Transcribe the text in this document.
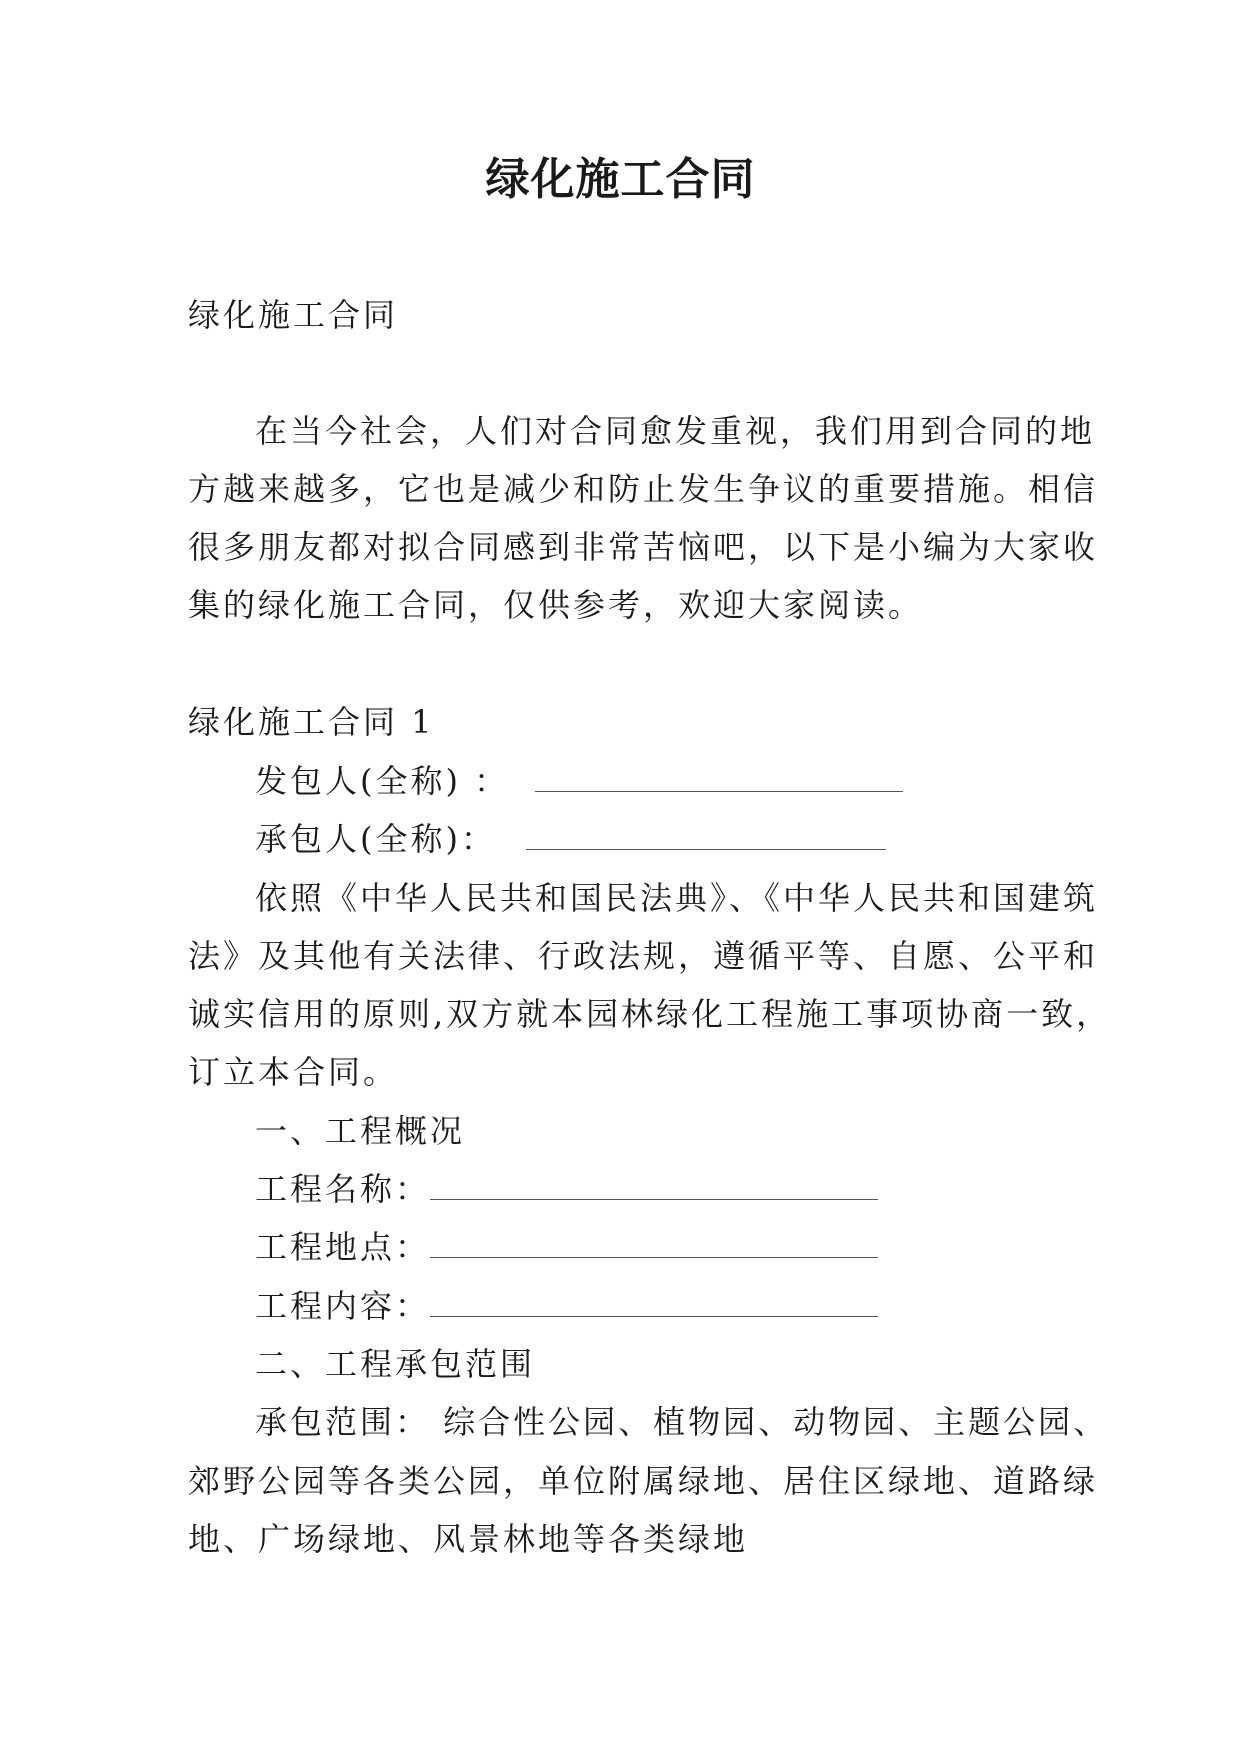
绿化施工合同
绿化施工合同
在当今社会，人们对合同愈发重视，我们用到合同的地
方越来越多，它也是减少和防止发生争议的重要措施。相信
很多朋友都对拟合同感到非常苦恼吧，以下是小编为大家收
集的绿化施工合同，仅供参考，欢迎大家阅读。
绿化施工合同 1
发包人(全称) ：
承包人(全称)：
依照《中华人民共和国民法典》、《中华人民共和国建筑
法》及其他有关法律、行政法规，遵循平等、自愿、公平和
诚实信用的原则,双方就本园林绿化工程施工事项协商一致，
订立本合同。
一、工程概况
工程名称：
工程地点：
工程内容：
二、工程承包范围
承包范围： 综合性公园、植物园、动物园、主题公园、
郊野公园等各类公园，单位附属绿地、居住区绿地、道路绿
地、广场绿地、风景林地等各类绿地
